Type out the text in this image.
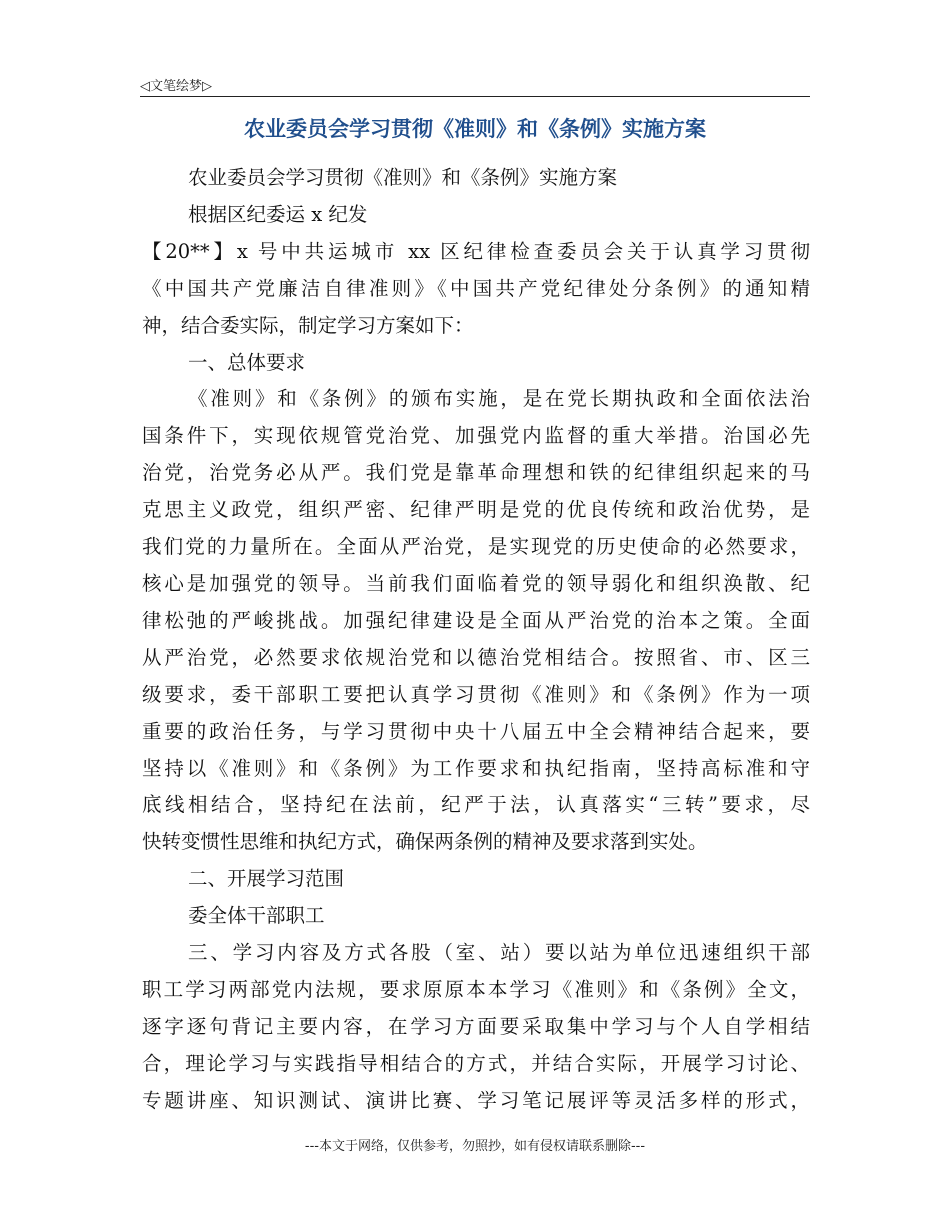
◁文笔绘梦▷
农业委员会学习贯彻《准则》和《条例》实施方案
农业委员会学习贯彻《准则》和《条例》实施方案
根据区纪委运 x 纪发
【20**】x 号中共运城市 xx 区纪律检查委员会关于认真学习贯彻
《中国共产党廉洁自律准则》《中国共产党纪律处分条例》的通知精
神，结合委实际，制定学习方案如下：
一、总体要求
《准则》和《条例》的颁布实施，是在党长期执政和全面依法治
国条件下，实现依规管党治党、加强党内监督的重大举措。治国必先
治党，治党务必从严。我们党是靠革命理想和铁的纪律组织起来的马
克思主义政党，组织严密、纪律严明是党的优良传统和政治优势，是
我们党的力量所在。全面从严治党，是实现党的历史使命的必然要求，
核心是加强党的领导。当前我们面临着党的领导弱化和组织涣散、纪
律松弛的严峻挑战。加强纪律建设是全面从严治党的治本之策。全面
从严治党，必然要求依规治党和以德治党相结合。按照省、市、区三
级要求，委干部职工要把认真学习贯彻《准则》和《条例》作为一项
重要的政治任务，与学习贯彻中央十八届五中全会精神结合起来，要
坚持以《准则》和《条例》为工作要求和执纪指南，坚持高标准和守
底线相结合，坚持纪在法前，纪严于法，认真落实“三转”要求，尽
快转变惯性思维和执纪方式，确保两条例的精神及要求落到实处。
二、开展学习范围
委全体干部职工
三、学习内容及方式各股（室、站）要以站为单位迅速组织干部
职工学习两部党内法规，要求原原本本学习《准则》和《条例》全文，
逐字逐句背记主要内容，在学习方面要采取集中学习与个人自学相结
合，理论学习与实践指导相结合的方式，并结合实际，开展学习讨论、
专题讲座、知识测试、演讲比赛、学习笔记展评等灵活多样的形式，
---本文于网络，仅供参考，勿照抄，如有侵权请联系删除---
